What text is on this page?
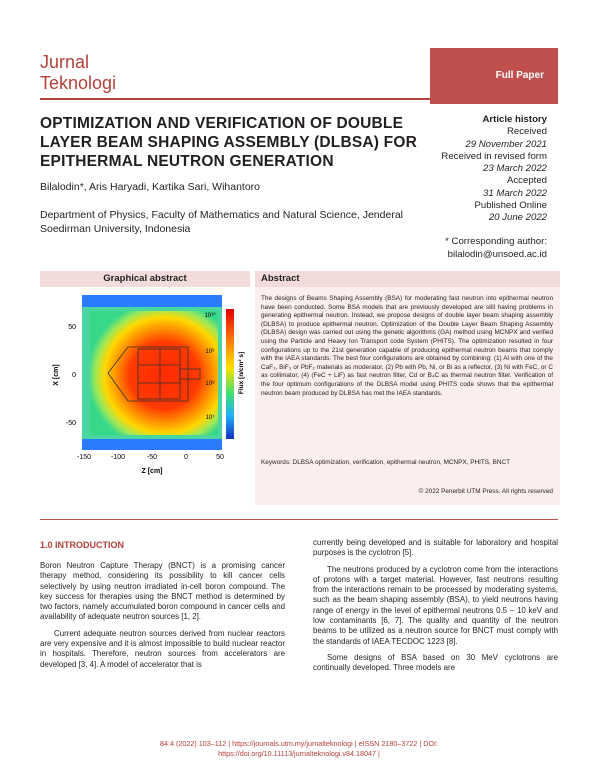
Jurnal
Teknologi	Full Paper
OPTIMIZATION AND VERIFICATION OF DOUBLE LAYER BEAM SHAPING ASSEMBLY (DLBSA) FOR EPITHERMAL NEUTRON GENERATION
Bilalodin*, Aris Haryadi, Kartika Sari, Wihantoro
Department of Physics, Faculty of Mathematics and Natural Science, Jenderal Soedirman University, Indonesia
Article history
Received
29 November 2021
Received in revised form
23 March 2022
Accepted
31 March 2022
Published Online
20 June 2022
* Corresponding author:
bilalodin@unsoed.ac.id
Graphical abstract	Abstract
50
0
-50
X [cm]
-150	-100	-50	0	50
Z [cm]
10¹⁰
10⁹
10⁸
10⁷
Flux [n/cm² s]
The designs of Beams Shaping Assembly (BSA) for moderating fast neutron into epithermal neutron have been conducted. Some BSA models that are previously developed are still having problems in generating epithermal neutron. Instead, we propose designs of double layer beam shaping assembly (DLBSA) to produce epithermal neutron. Optimization of the Double Layer Beam Shaping Assembly (DLBSA) design was carried out using the genetic algorithms (GA) method using MCNPX and verified using the Particle and Heavy Ion Transport code System (PHITS). The optimization resulted in four configurations up to the 21st generation capable of producing epithermal neutron beams that comply with the IAEA standards. The best four configurations are obtained by combining: (1) Al with one of the CaF₂, BiF₃ or PbF₂ materials as moderator, (2) Pb with Pb, Ni, or Bi as a reflector, (3) Ni with FeC, or C as collimator, (4) (FeC + LiF) as fast neutron filter, Cd or B₄C as thermal neutron filter. Verification of the four optimum configurations of the DLBSA model using PHITS code shows that the epithermal neutron beam produced by DLBSA has met the IAEA standards.
Keywords: DLBSA optimization, verification, epithermal neutron, MCNPX, PHITS, BNCT
© 2022 Penerbit UTM Press. All rights reserved
1.0 INTRODUCTION

Boron Neutron Capture Therapy (BNCT) is a promising cancer therapy method, considering its possibility to kill cancer cells selectively by using neutron irradiated in-cell boron compound. The key success for therapies using the BNCT method is determined by two factors, namely accumulated boron compound in cancer cells and availability of adequate neutron sources [1, 2].

Current adequate neutron sources derived from nuclear reactors are very expensive and it is almost impossible to build nuclear reactor in hospitals. Therefore, neutron sources from accelerators are developed [3, 4]. A model of accelerator that is

currently being developed and is suitable for laboratory and hospital purposes is the cyclotron [5].

The neutrons produced by a cyclotron come from the interactions of protons with a target material. However, fast neutrons resulting from the interactions remain to be processed by moderating systems, such as the beam shaping assembly (BSA), to yield neutrons having range of energy in the level of epithermal neutrons 0.5 – 10 keV and low contaminants [6, 7]. The quality and quantity of the neutron beams to be utilized as a neutron source for BNCT must comply with the standards of IAEA TECDOC 1223 [8].

Some designs of BSA based on 30 MeV cyclotrons are continually developed. Three models are

84:4 (2022) 103–112 | https://journals.utm.my/jurnalteknologi | eISSN 2180–3722 | DOI:
https://doi.org/10.11113/jurnalteknologi.v84.18047 |
